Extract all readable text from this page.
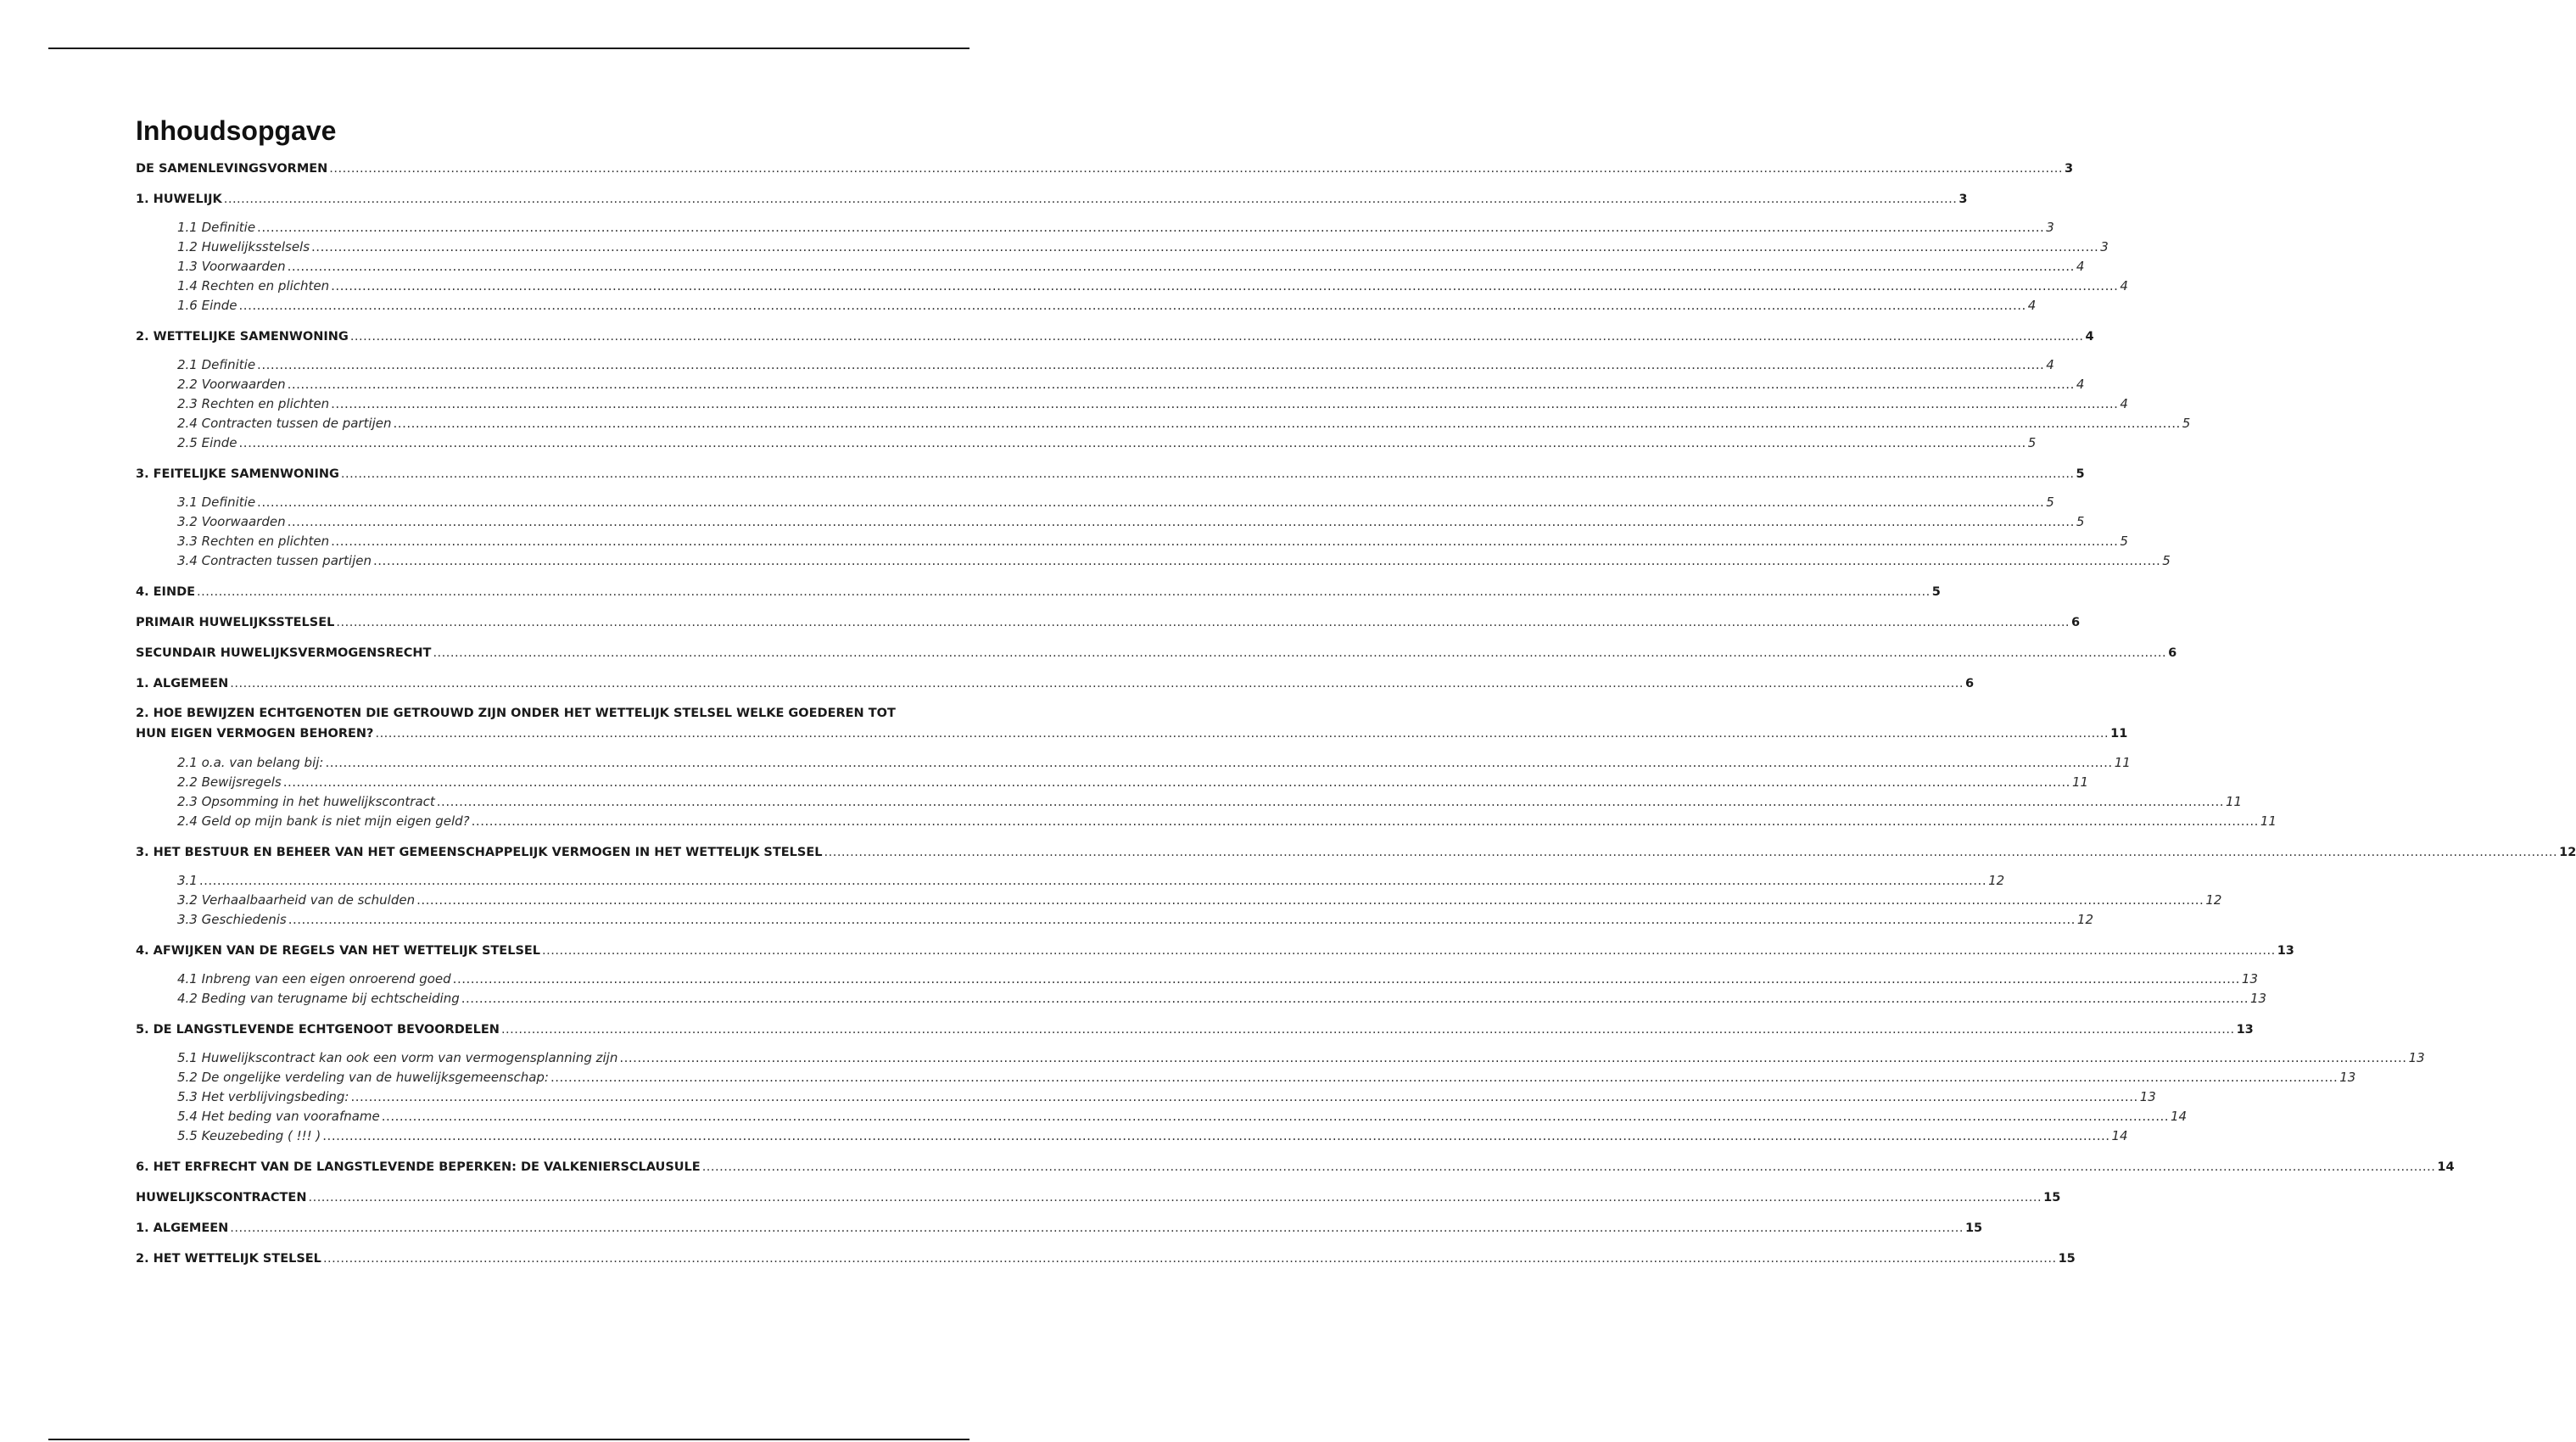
Inhoudsopgave
DE SAMENLEVINGSVORMEN ................................................................................................................................................................................................................................................................................................................................................................................................................ 3
1. HUWELIJK ................................................................................................................................................................................................................................................................................................................................................................................................................ 3
1.1 Definitie ................................................................................................................................................................................................................................................................................................................................................................................................................ 3
1.2 Huwelijksstelsels ................................................................................................................................................................................................................................................................................................................................................................................................................ 3
1.3 Voorwaarden ................................................................................................................................................................................................................................................................................................................................................................................................................ 4
1.4 Rechten en plichten ................................................................................................................................................................................................................................................................................................................................................................................................................ 4
1.6 Einde ................................................................................................................................................................................................................................................................................................................................................................................................................ 4
2. WETTELIJKE SAMENWONING ................................................................................................................................................................................................................................................................................................................................................................................................................ 4
2.1 Definitie ................................................................................................................................................................................................................................................................................................................................................................................................................ 4
2.2 Voorwaarden ................................................................................................................................................................................................................................................................................................................................................................................................................ 4
2.3 Rechten en plichten ................................................................................................................................................................................................................................................................................................................................................................................................................ 4
2.4 Contracten tussen de partijen ................................................................................................................................................................................................................................................................................................................................................................................................................ 5
2.5 Einde ................................................................................................................................................................................................................................................................................................................................................................................................................ 5
3. FEITELIJKE SAMENWONING ................................................................................................................................................................................................................................................................................................................................................................................................................ 5
3.1 Definitie ................................................................................................................................................................................................................................................................................................................................................................................................................ 5
3.2 Voorwaarden ................................................................................................................................................................................................................................................................................................................................................................................................................ 5
3.3 Rechten en plichten ................................................................................................................................................................................................................................................................................................................................................................................................................ 5
3.4 Contracten tussen partijen ................................................................................................................................................................................................................................................................................................................................................................................................................ 5
4. EINDE ................................................................................................................................................................................................................................................................................................................................................................................................................ 5
PRIMAIR HUWELIJKSSTELSEL ................................................................................................................................................................................................................................................................................................................................................................................................................ 6
SECUNDAIR HUWELIJKSVERMOGENSRECHT ................................................................................................................................................................................................................................................................................................................................................................................................................ 6
1. ALGEMEEN ................................................................................................................................................................................................................................................................................................................................................................................................................ 6
2. HOE BEWIJZEN ECHTGENOTEN DIE GETROUWD ZIJN ONDER HET WETTELIJK STELSEL WELKE GOEDEREN TOT
HUN EIGEN VERMOGEN BEHOREN? ................................................................................................................................................................................................................................................................................................................................................................................................................ 11
2.1 o.a. van belang bij: ................................................................................................................................................................................................................................................................................................................................................................................................................ 11
2.2 Bewijsregels ................................................................................................................................................................................................................................................................................................................................................................................................................ 11
2.3 Opsomming in het huwelijkscontract ................................................................................................................................................................................................................................................................................................................................................................................................................ 11
2.4 Geld op mijn bank is niet mijn eigen geld? ................................................................................................................................................................................................................................................................................................................................................................................................................ 11
3. HET BESTUUR EN BEHEER VAN HET GEMEENSCHAPPELIJK VERMOGEN IN HET WETTELIJK STELSEL ................................................................................................................................................................................................................................................................................................................................................................................................................ 12
3.1 ................................................................................................................................................................................................................................................................................................................................................................................................................ 12
3.2 Verhaalbaarheid van de schulden ................................................................................................................................................................................................................................................................................................................................................................................................................ 12
3.3 Geschiedenis ................................................................................................................................................................................................................................................................................................................................................................................................................ 12
4. AFWIJKEN VAN DE REGELS VAN HET WETTELIJK STELSEL ................................................................................................................................................................................................................................................................................................................................................................................................................ 13
4.1 Inbreng van een eigen onroerend goed ................................................................................................................................................................................................................................................................................................................................................................................................................ 13
4.2 Beding van terugname bij echtscheiding ................................................................................................................................................................................................................................................................................................................................................................................................................ 13
5. DE LANGSTLEVENDE ECHTGENOOT BEVOORDELEN ................................................................................................................................................................................................................................................................................................................................................................................................................ 13
5.1 Huwelijkscontract kan ook een vorm van vermogensplanning zijn ................................................................................................................................................................................................................................................................................................................................................................................................................ 13
5.2 De ongelijke verdeling van de huwelijksgemeenschap: ................................................................................................................................................................................................................................................................................................................................................................................................................ 13
5.3 Het verblijvingsbeding: ................................................................................................................................................................................................................................................................................................................................................................................................................ 13
5.4 Het beding van voorafname ................................................................................................................................................................................................................................................................................................................................................................................................................ 14
5.5 Keuzebeding ( !!! ) ................................................................................................................................................................................................................................................................................................................................................................................................................ 14
6. HET ERFRECHT VAN DE LANGSTLEVENDE BEPERKEN: DE VALKENIERSCLAUSULE ................................................................................................................................................................................................................................................................................................................................................................................................................ 14
HUWELIJKSCONTRACTEN ................................................................................................................................................................................................................................................................................................................................................................................................................ 15
1. ALGEMEEN ................................................................................................................................................................................................................................................................................................................................................................................................................ 15
2. HET WETTELIJK STELSEL ................................................................................................................................................................................................................................................................................................................................................................................................................ 15
